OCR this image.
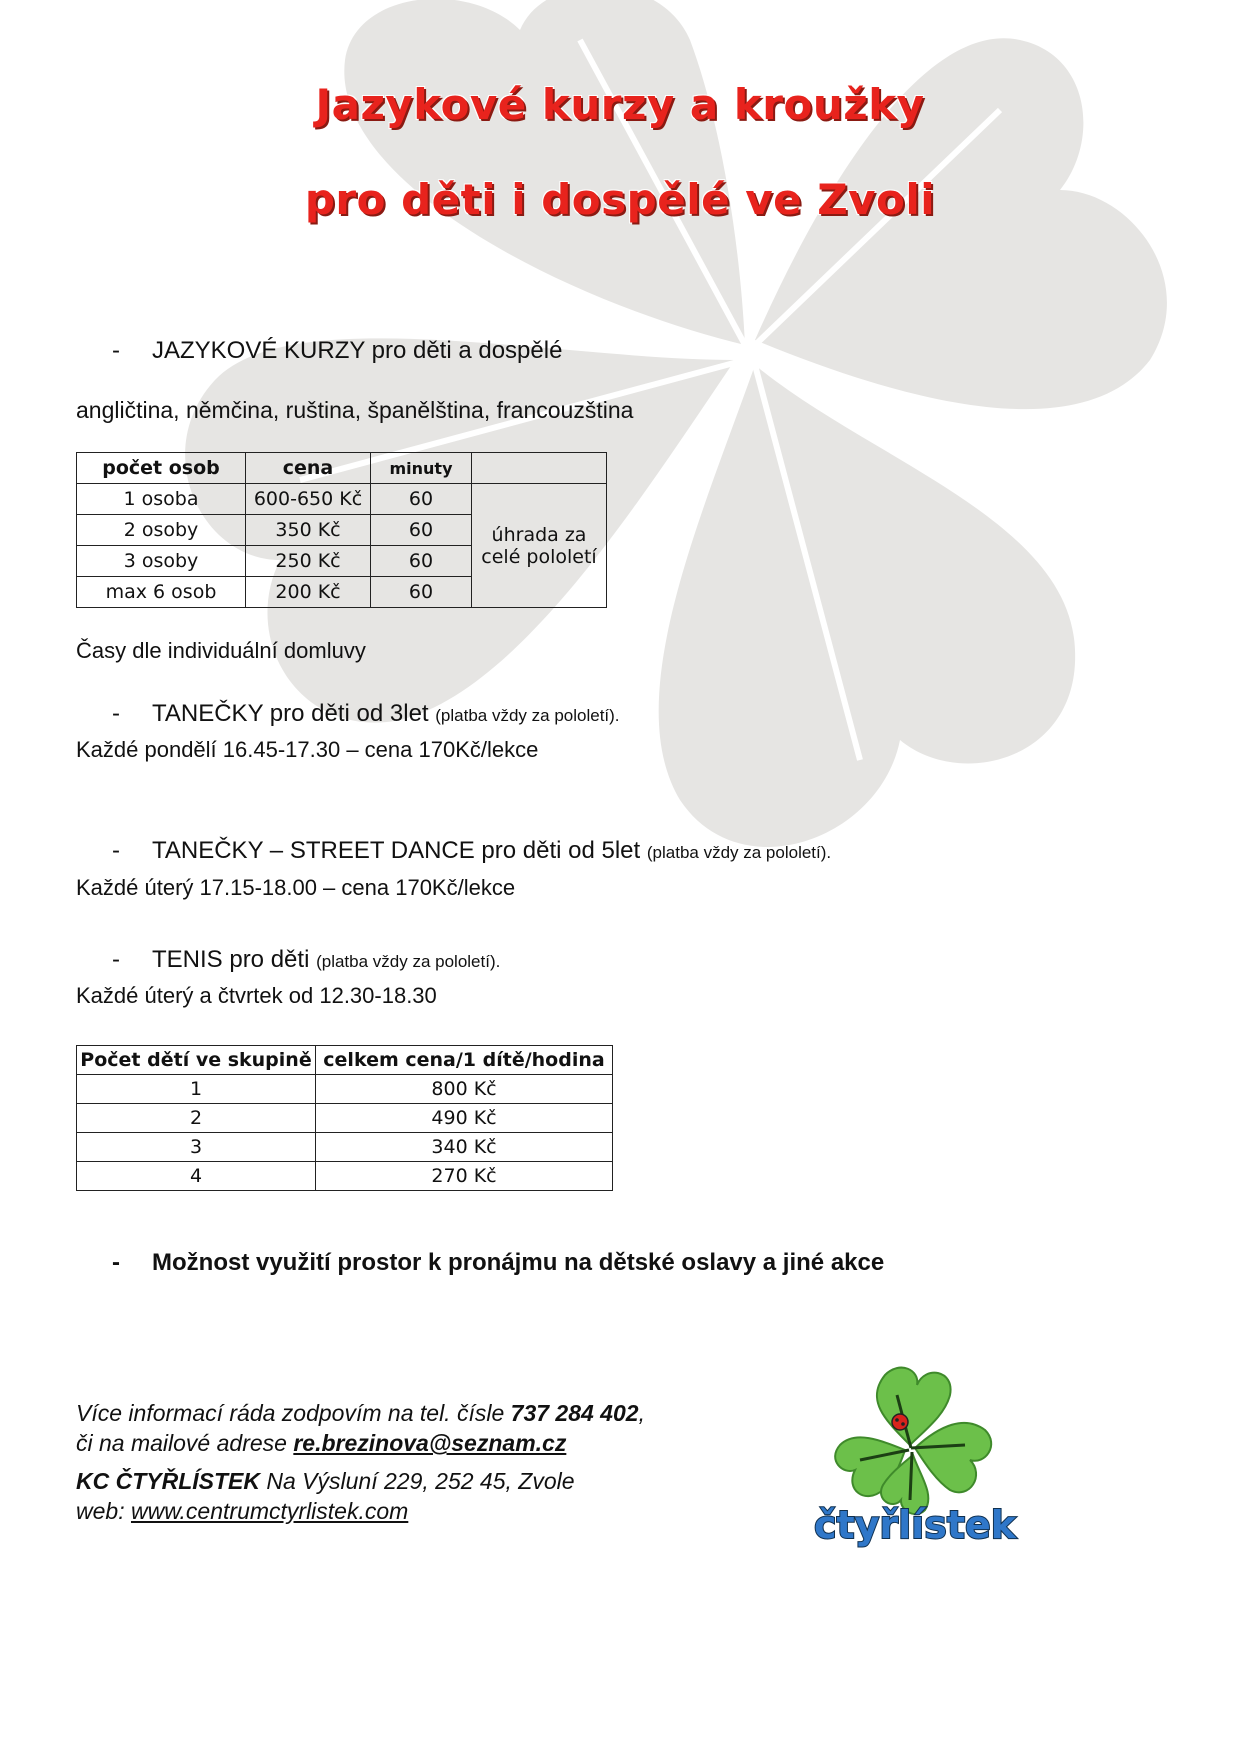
Jazykové kurzy a kroužky
pro děti i dospělé ve Zvoli
-	JAZYKOVÉ KURZY pro děti a dospělé
angličtina, němčina, ruština, španělština, francouzština
počet osob	cena	minuty	
1 osoba	600-650 Kč	60	úhrada za
celé pololetí

2 osoby	350 Kč	60	
3 osoby	250 Kč	60	
max 6 osob	200 Kč	60	
Časy dle individuální domluvy
-	TANEČKY pro děti od 3let (platba vždy za pololetí).
Každé pondělí 16.45-17.30 – cena 170Kč/lekce
-	TANEČKY – STREET DANCE pro děti od 5let (platba vždy za pololetí).
Každé úterý 17.15-18.00 – cena 170Kč/lekce
-	TENIS pro děti (platba vždy za pololetí).
Každé úterý a čtvrtek od 12.30-18.30
Počet dětí ve skupině	celkem cena/1 dítě/hodina
1	800 Kč
2	490 Kč
3	340 Kč
4	270 Kč
-	Možnost využití prostor k pronájmu na dětské oslavy a jiné akce
Více informací ráda zodpovím na tel. čísle 737 284 402,
či na mailové adrese re.brezinova@seznam.cz
KC ČTYŘLÍSTEK Na Výsluní 229, 252 45, Zvole
web: www.centrumctyrlistek.com	čtyřlístek
